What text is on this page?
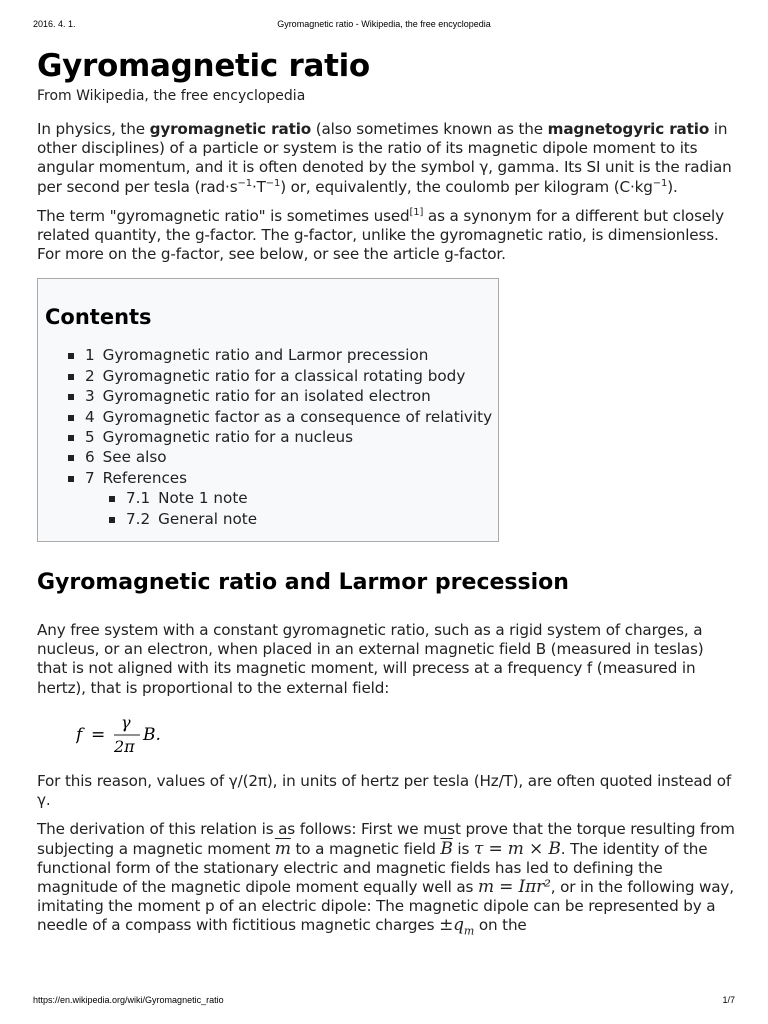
2016. 4. 1.	Gyromagnetic ratio - Wikipedia, the free encyclopedia
Gyromagnetic ratio
From Wikipedia, the free encyclopedia

In physics, the gyromagnetic ratio (also sometimes known as the magnetogyric ratio in other disciplines) of a particle or system is the ratio of its magnetic dipole moment to its angular momentum, and it is often denoted by the symbol γ, gamma. Its SI unit is the radian per second per tesla $(rad\cdot s^{-1}\cdot T^{-1})$ or, equivalently, the coulomb per kilogram $(C\cdot kg^{-1})$.

The term "gyromagnetic ratio" is sometimes used[1] as a synonym for a different but closely related quantity, the g-factor. The g-factor, unlike the gyromagnetic ratio, is dimensionless. For more on the g-factor, see below, or see the article g-factor.

Contents
1 Gyromagnetic ratio and Larmor precession
2 Gyromagnetic ratio for a classical rotating body
3 Gyromagnetic ratio for an isolated electron
4 Gyromagnetic factor as a consequence of relativity
5 Gyromagnetic ratio for a nucleus
6 See also
7 References
7.1 Note 1 note
7.2 General note
Gyromagnetic ratio and Larmor precession

Any free system with a constant gyromagnetic ratio, such as a rigid system of charges, a nucleus, or an electron, when placed in an external magnetic field B (measured in teslas) that is not aligned with its magnetic moment, will precess at a frequency f (measured in hertz), that is proportional to the external field:

f =
γ
2π
B.

For this reason, values of γ/(2π), in units of hertz per tesla (Hz/T), are often quoted instead of γ.

The derivation of this relation is as follows: First we must prove that the torque resulting from subjecting a magnetic moment $\overline{m}$ to a magnetic field $\overline{B}$ is τ = m × B. The identity of the functional form of the stationary electric and magnetic fields has led to defining the magnitude of the magnetic dipole moment equally well as m = Iπr², or in the following way, imitating the moment p of an electric dipole: The magnetic dipole can be represented by a needle of a compass with fictitious magnetic charges $\pm q_m$ on the

https://en.wikipedia.org/wiki/Gyromagnetic_ratio	1/7
